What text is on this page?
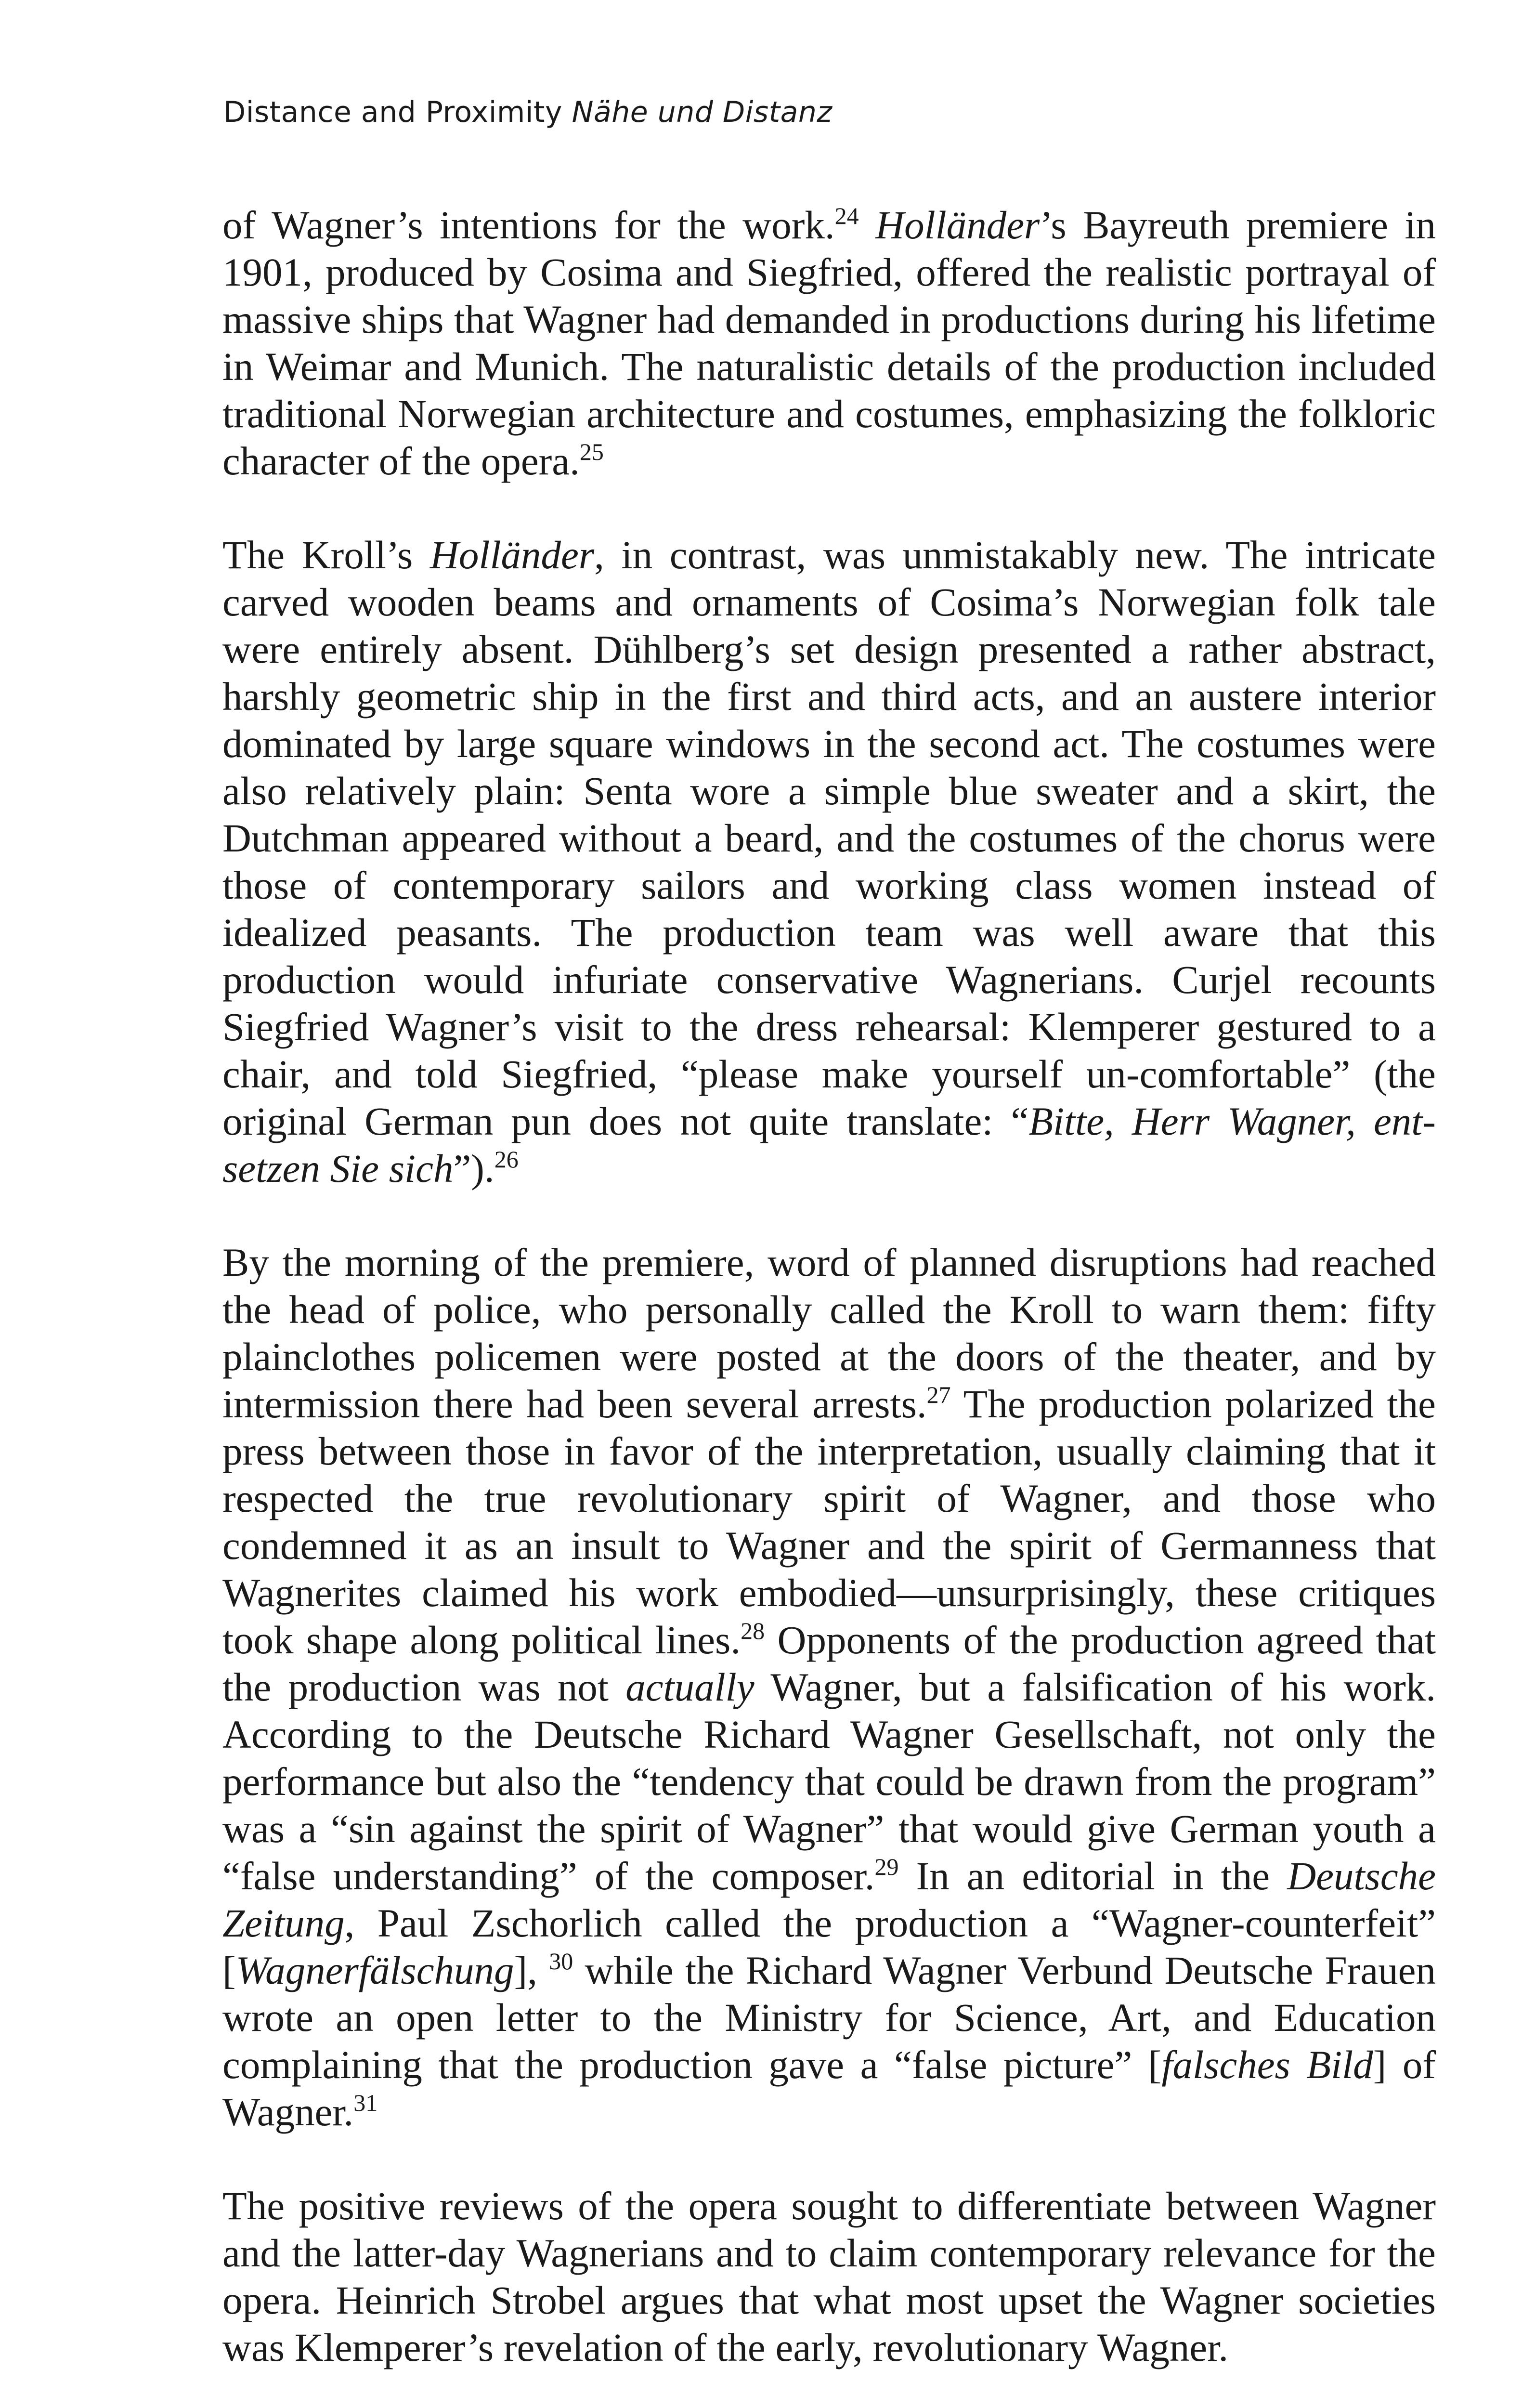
Distance and Proximity Nähe und Distanz

of Wagner’s intentions for the work.$^{24}$ Holländer’s Bayreuth premiere in 1901, produced by Cosima and Siegfried, offered the realistic portrayal of massive ships that Wagner had demanded in productions during his lifetime in Weimar and Munich. The naturalistic details of the production included traditional Norwegian architecture and costumes, emphasizing the folkloric character of the opera.$^{25}$

The Kroll’s Holländer, in contrast, was unmistakably new. The intricate carved wooden beams and ornaments of Cosima’s Norwegian folk tale were entirely absent. Dühlberg’s set design presented a rather abstract, harshly geometric ship in the first and third acts, and an austere interior dominated by large square windows in the second act. The costumes were also relatively plain: Senta wore a simple blue sweater and a skirt, the Dutchman appeared without a beard, and the costumes of the chorus were those of contemporary sailors and working class women instead of idealized peasants. The production team was well aware that this production would infuriate conservative Wagnerians. Curjel recounts Siegfried Wagner’s visit to the dress rehearsal: Klemperer gestured to a chair, and told Siegfried, “please make yourself un-comfortable” (the original German pun does not quite translate: “Bitte, Herr Wagner, ent-setzen Sie sich”).$^{26}$

By the morning of the premiere, word of planned disruptions had reached the head of police, who personally called the Kroll to warn them: fifty plainclothes policemen were posted at the doors of the theater, and by intermission there had been several arrests.$^{27}$ The production polarized the press between those in favor of the interpretation, usually claiming that it respected the true revolutionary spirit of Wagner, and those who condemned it as an insult to Wagner and the spirit of Germanness that Wagnerites claimed his work embodied—unsurprisingly, these critiques took shape along political lines.$^{28}$ Opponents of the production agreed that the production was not actually Wagner, but a falsification of his work. According to the Deutsche Richard Wagner Gesellschaft, not only the performance but also the “tendency that could be drawn from the program” was a “sin against the spirit of Wagner” that would give German youth a “false understanding” of the composer.$^{29}$ In an editorial in the Deutsche Zeitung, Paul Zschorlich called the production a “Wagner-counterfeit” [Wagnerfälschung], $^{30}$ while the Richard Wagner Verbund Deutsche Frauen wrote an open letter to the Ministry for Science, Art, and Education complaining that the production gave a “false picture” [falsches Bild] of Wagner.$^{31}$

The positive reviews of the opera sought to differentiate between Wagner and the latter-day Wagnerians and to claim contemporary relevance for the opera. Heinrich Strobel argues that what most upset the Wagner societies was Klemperer’s revelation of the early, revolutionary Wagner.
